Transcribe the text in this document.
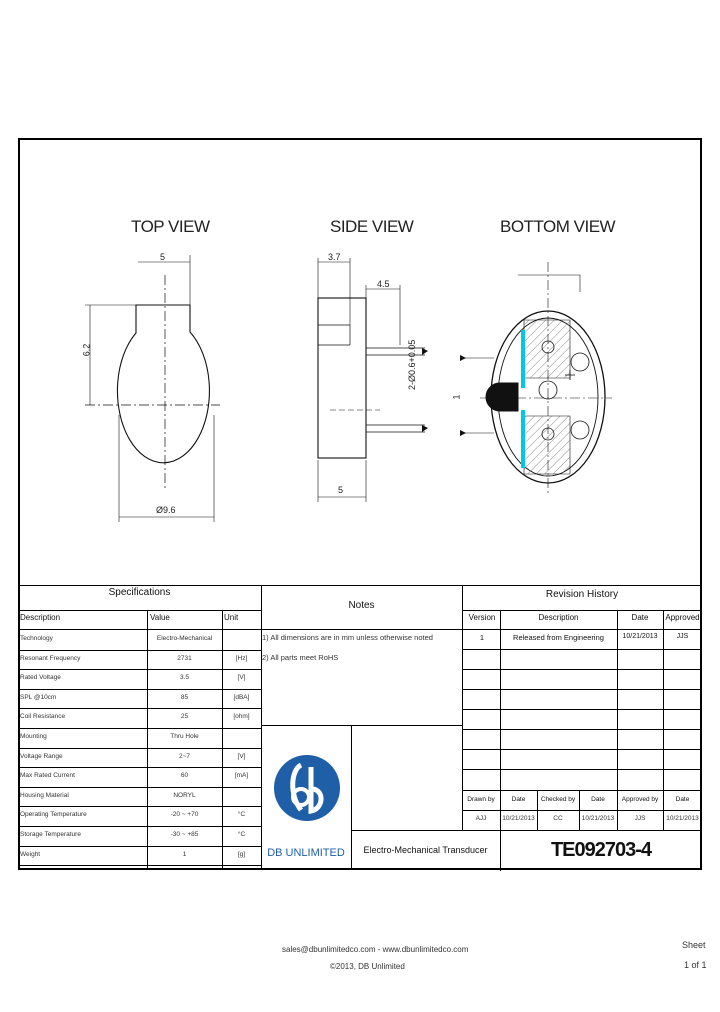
TOP VIEW	SIDE VIEW	BOTTOM VIEW
5
6.2
Ø9.6
3.7
4.5
5
2-Ø0.6+0.05
1
Specifications
Description	Value	Unit
Technology	Electro-Mechanical
Resonant Frequency	2731	[Hz]
Rated Voltage	3.5	[V]
SPL @10cm	85	[dBA]
Coil Resistance	25	[ohm]
Mounting	Thru Hole
Voltage Range	2~7	[V]
Max Rated Current	60	[mA]
Housing Material	NORYL
Operating Temperature	-20 ~ +70	°C
Storage Temperature	-30 ~ +85	°C
Weight	1	[g]
Notes
1) All dimensions are in mm unless otherwise noted
2) All parts meet RoHS
Revision History
Version	Description	Date	Approved
1	Released from Engineering	10/21/2013	JJS
DB UNLIMITED
Drawn by	Date	Checked by	Date	Approved by	Date
AJJ	10/21/2013	CC	10/21/2013	JJS	10/21/2013
Electro-Mechanical Transducer	TE092703-4
sales@dbunlimitedco.com - www.dbunlimitedco.com
©2013, DB Unlimited
Sheet
1 of 1
